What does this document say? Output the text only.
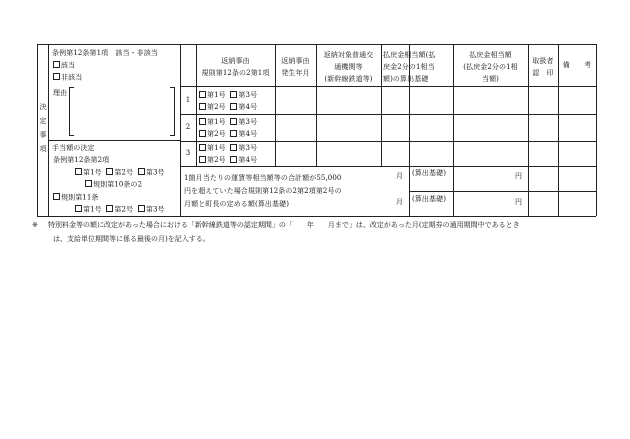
決
定
事
項
条例第12条第1項　該当・非該当
該当
非該当
理由
手当額の決定
条例第12条第2項
第1号 第2号 第3号
規則第10条の2
規則第11条
第1号 第2号 第3号
返納事由
規則第12条の2第1項
返納事由
発生年月
返納対象普通交
通機関等
(新幹線鉄道等)
払戻金相当額(払
戻金2分の1相当
額)の算出基礎
払戻金相当額
(払戻金2分の1相
当額)
取扱者
認　印
備　　考
1
第1号 第3号
第2号 第4号
2
第1号 第3号
第2号 第4号
3
第1号 第3号
第2号 第4号
1箇月当たりの運賃等相当額等の合計額が55,000
円を超えていた場合規則第12条の2第2項第2号の
月額と町長の定める額(算出基礎)
月
月
(算出基礎)
(算出基礎)
円
円
※ 特別料金等の額に改定があった場合における「新幹線鉄道等の認定期間」の「　　年　　月まで」は、改定があった月(定期券の通用期間中であるとき
は、支給単位期間等に係る最後の月)を記入する。
